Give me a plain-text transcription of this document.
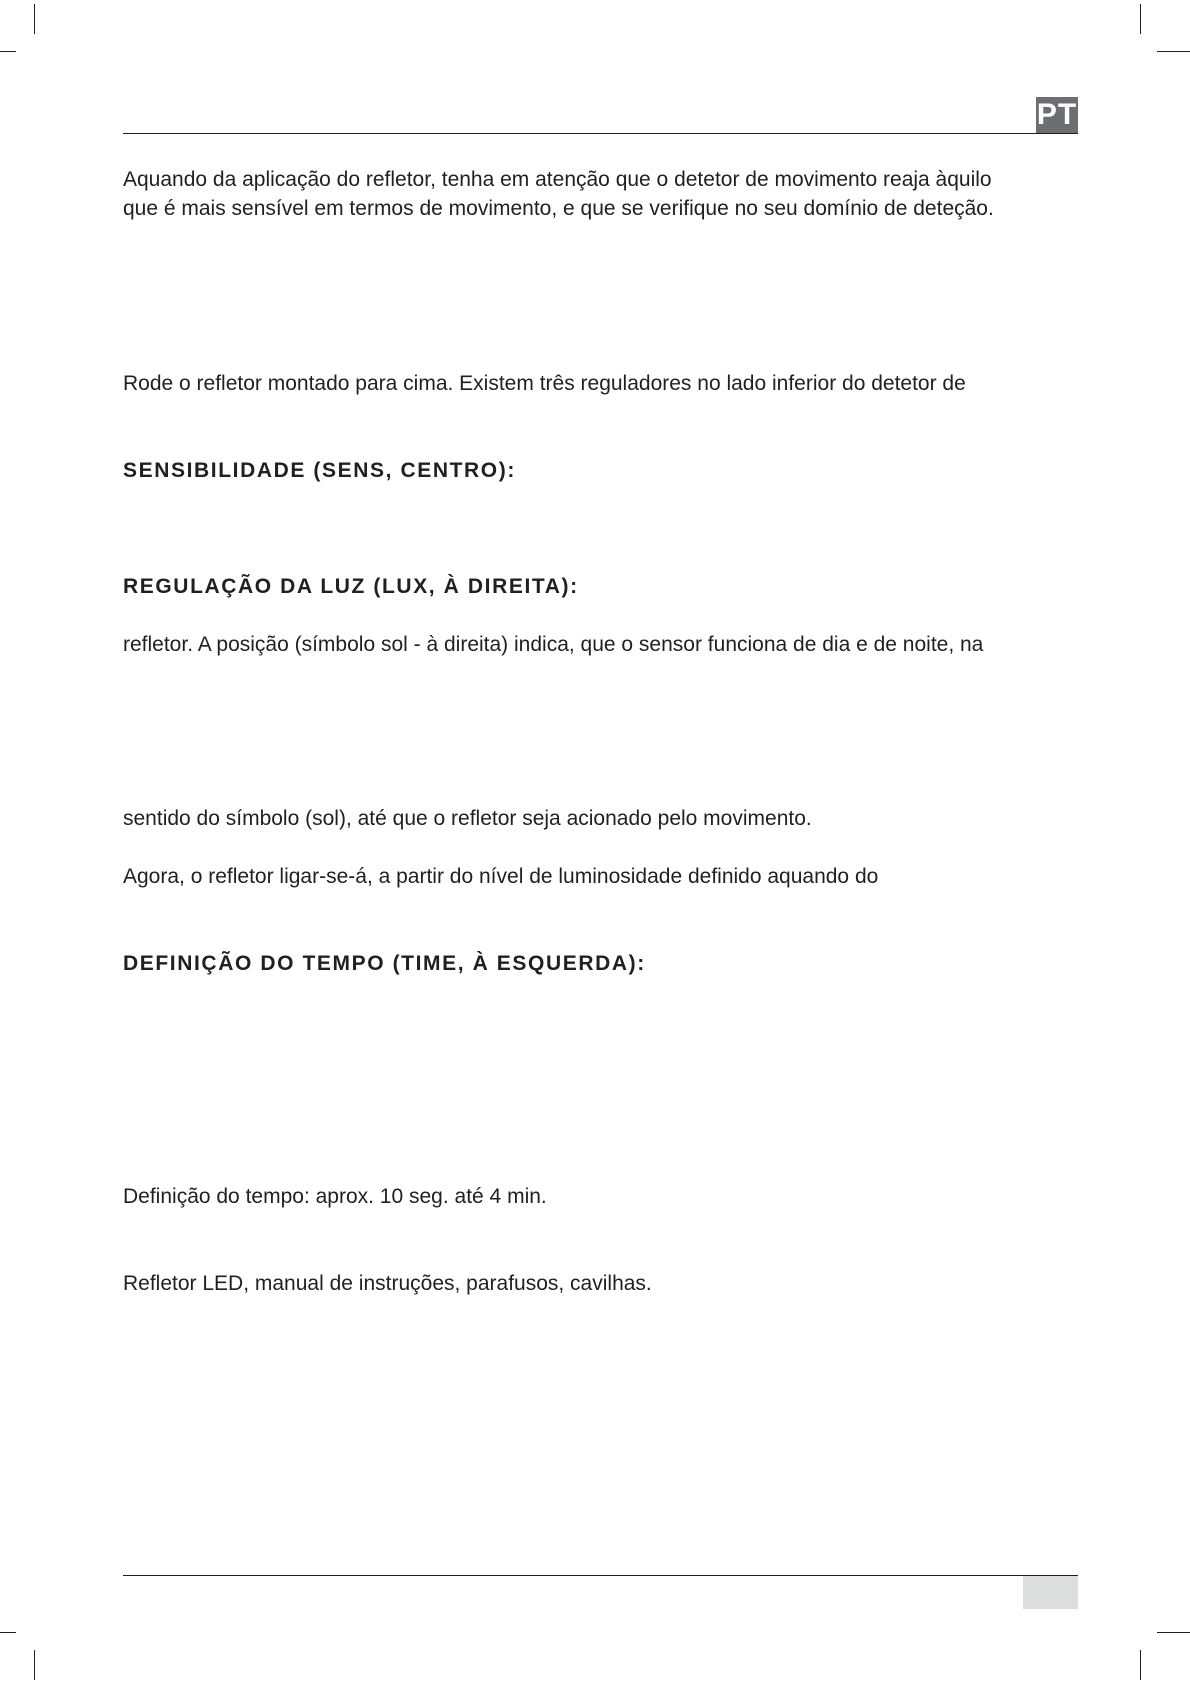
PT

Aquando da aplicação do refletor, tenha em atenção que o detetor de movimento reaja àquilo

que é mais sensível em termos de movimento, e que se verifique no seu domínio de deteção.

Rode o refletor montado para cima. Existem três reguladores no lado inferior do detetor de

SENSIBILIDADE (SENS, CENTRO):
REGULAÇÃO DA LUZ (LUX, À DIREITA):

refletor. A posição (símbolo sol - à direita) indica, que o sensor funciona de dia e de noite, na

sentido do símbolo (sol), até que o refletor seja acionado pelo movimento.

Agora, o refletor ligar-se-á, a partir do nível de luminosidade definido aquando do

DEFINIÇÃO DO TEMPO (TIME, À ESQUERDA):

Definição do tempo: aprox. 10 seg. até 4 min.

Refletor LED, manual de instruções, parafusos, cavilhas.
